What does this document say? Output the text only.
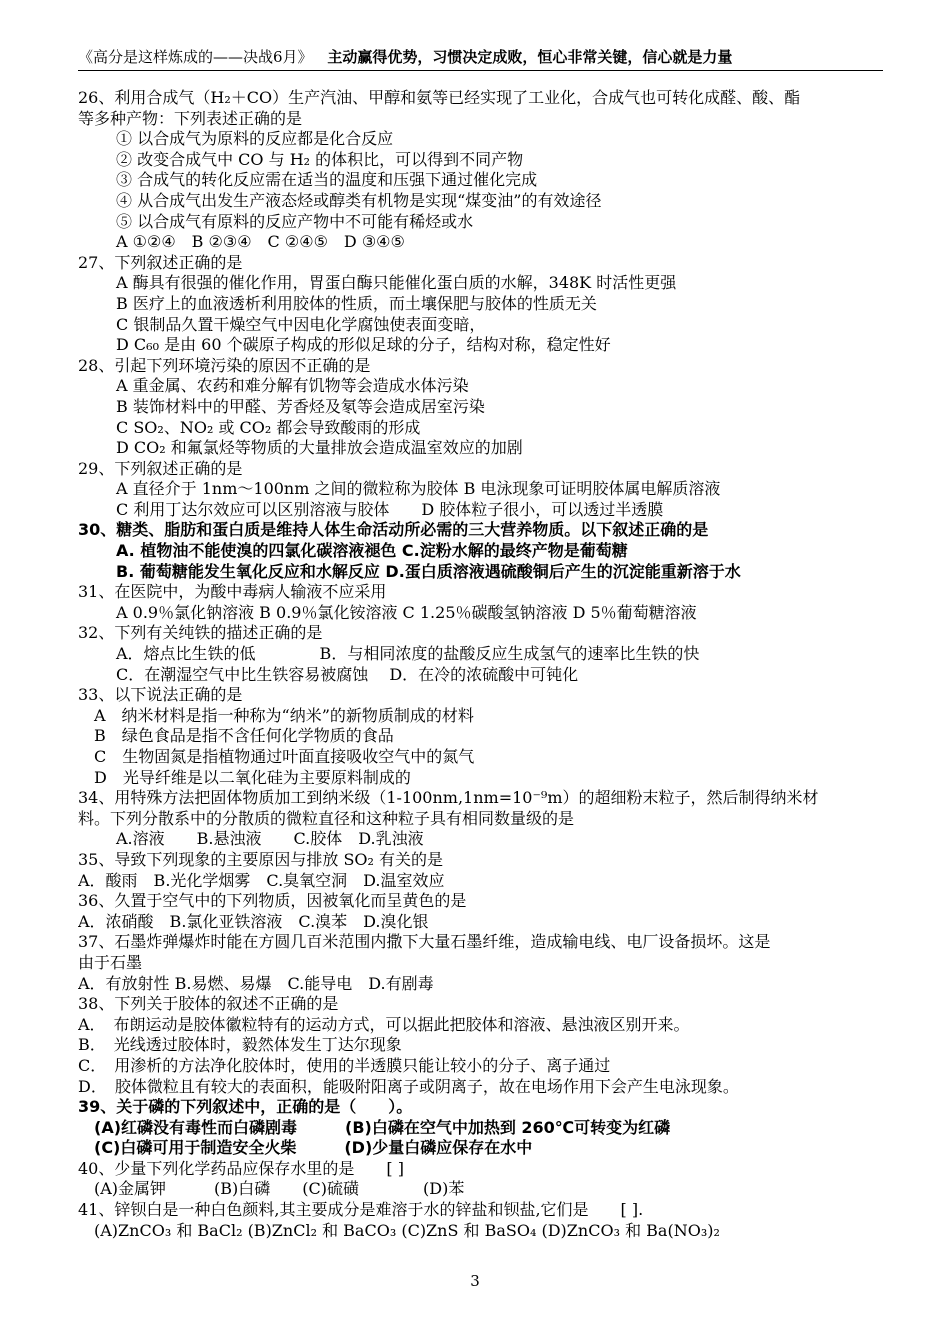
《高分是这样炼成的——决战6月》 主动赢得优势，习惯决定成败，恒心非常关键，信心就是力量
26、利用合成气（H₂＋CO）生产汽油、甲醇和氨等已经实现了工业化，合成气也可转化成醛、酸、酯
等多种产物：下列表述正确的是
① 以合成气为原料的反应都是化合反应
② 改变合成气中 CO 与 H₂ 的体积比，可以得到不同产物
③ 合成气的转化反应需在适当的温度和压强下通过催化完成
④ 从合成气出发生产液态烃或醇类有机物是实现“煤变油”的有效途径
⑤ 以合成气有原料的反应产物中不可能有稀烃或水
A ①②④　B ②③④　C ②④⑤　D ③④⑤
27、下列叙述正确的是
A 酶具有很强的催化作用，胃蛋白酶只能催化蛋白质的水解，348K 时活性更强
B 医疗上的血液透析利用胶体的性质，而土壤保肥与胶体的性质无关
C 银制品久置干燥空气中因电化学腐蚀使表面变暗，
D C₆₀ 是由 60 个碳原子构成的形似足球的分子，结构对称，稳定性好
28、引起下列环境污染的原因不正确的是
A 重金属、农药和难分解有饥物等会造成水体污染
B 装饰材料中的甲醛、芳香烃及氡等会造成居室污染
C SO₂、NO₂ 或 CO₂ 都会导致酸雨的形成
D CO₂ 和氟氯烃等物质的大量排放会造成温室效应的加剧
29、下列叙述正确的是
A 直径介于 1nm～100nm 之间的微粒称为胶体 B 电泳现象可证明胶体属电解质溶液
C 利用丁达尔效应可以区别溶液与胶体　　D 胶体粒子很小，可以透过半透膜
30、糖类、脂肪和蛋白质是维持人体生命活动所必需的三大营养物质。以下叙述正确的是
A. 植物油不能使溴的四氯化碳溶液褪色 C.淀粉水解的最终产物是葡萄糖
B. 葡萄糖能发生氧化反应和水解反应 D.蛋白质溶液遇硫酸铜后产生的沉淀能重新溶于水
31、在医院中，为酸中毒病人输液不应采用
A 0.9％氯化钠溶液 B 0.9％氯化铵溶液 C 1.25％碳酸氢钠溶液 D 5％葡萄糖溶液
32、下列有关纯铁的描述正确的是
A．熔点比生铁的低　　　　B．与相同浓度的盐酸反应生成氢气的速率比生铁的快
C．在潮湿空气中比生铁容易被腐蚀　 D．在冷的浓硫酸中可钝化
33、以下说法正确的是
A　纳米材料是指一种称为“纳米”的新物质制成的材料
B　绿色食品是指不含任何化学物质的食品
C　生物固氮是指植物通过叶面直接吸收空气中的氮气
D　光导纤维是以二氧化硅为主要原料制成的
34、用特殊方法把固体物质加工到纳米级（1-100nm,1nm=10⁻⁹m）的超细粉末粒子，然后制得纳米材
料。下列分散系中的分散质的微粒直径和这种粒子具有相同数量级的是
A.溶液　　B.悬浊液　　C.胶体　D.乳浊液
35、导致下列现象的主要原因与排放 SO₂ 有关的是
A．酸雨　B.光化学烟雾　C.臭氧空洞　D.温室效应
36、久置于空气中的下列物质，因被氧化而呈黄色的是
A．浓硝酸　B.氯化亚铁溶液　C.溴苯　D.溴化银
37、石墨炸弹爆炸时能在方圆几百米范围内撒下大量石墨纤维，造成输电线、电厂设备损坏。这是
由于石墨
A．有放射性 B.易燃、易爆　C.能导电　D.有剧毒
38、下列关于胶体的叙述不正确的是
A．　布朗运动是胶体徽粒特有的运动方式，可以据此把胶体和溶液、悬浊液区别开来。
B．　光线透过胶体时，毅然体发生丁达尔现象
C．　用渗析的方法净化胶体时，使用的半透膜只能让较小的分子、离子通过
D．　胶体微粒且有较大的表面积，能吸附阳离子或阴离子，故在电场作用下会产生电泳现象。
39、关于磷的下列叙述中，正确的是（　　）。
(A)红磷没有毒性而白磷剧毒　　　(B)白磷在空气中加热到 260℃可转变为红磷
(C)白磷可用于制造安全火柴　　　(D)少量白磷应保存在水中
40、少量下列化学药品应保存水里的是　　[ ]
(A)金属钾　　　(B)白磷　　(C)硫磺　　　　(D)苯
41、锌钡白是一种白色颜料,其主要成分是难溶于水的锌盐和钡盐,它们是　　[ ].
(A)ZnCO₃ 和 BaCl₂ (B)ZnCl₂ 和 BaCO₃ (C)ZnS 和 BaSO₄ (D)ZnCO₃ 和 Ba(NO₃)₂
3
